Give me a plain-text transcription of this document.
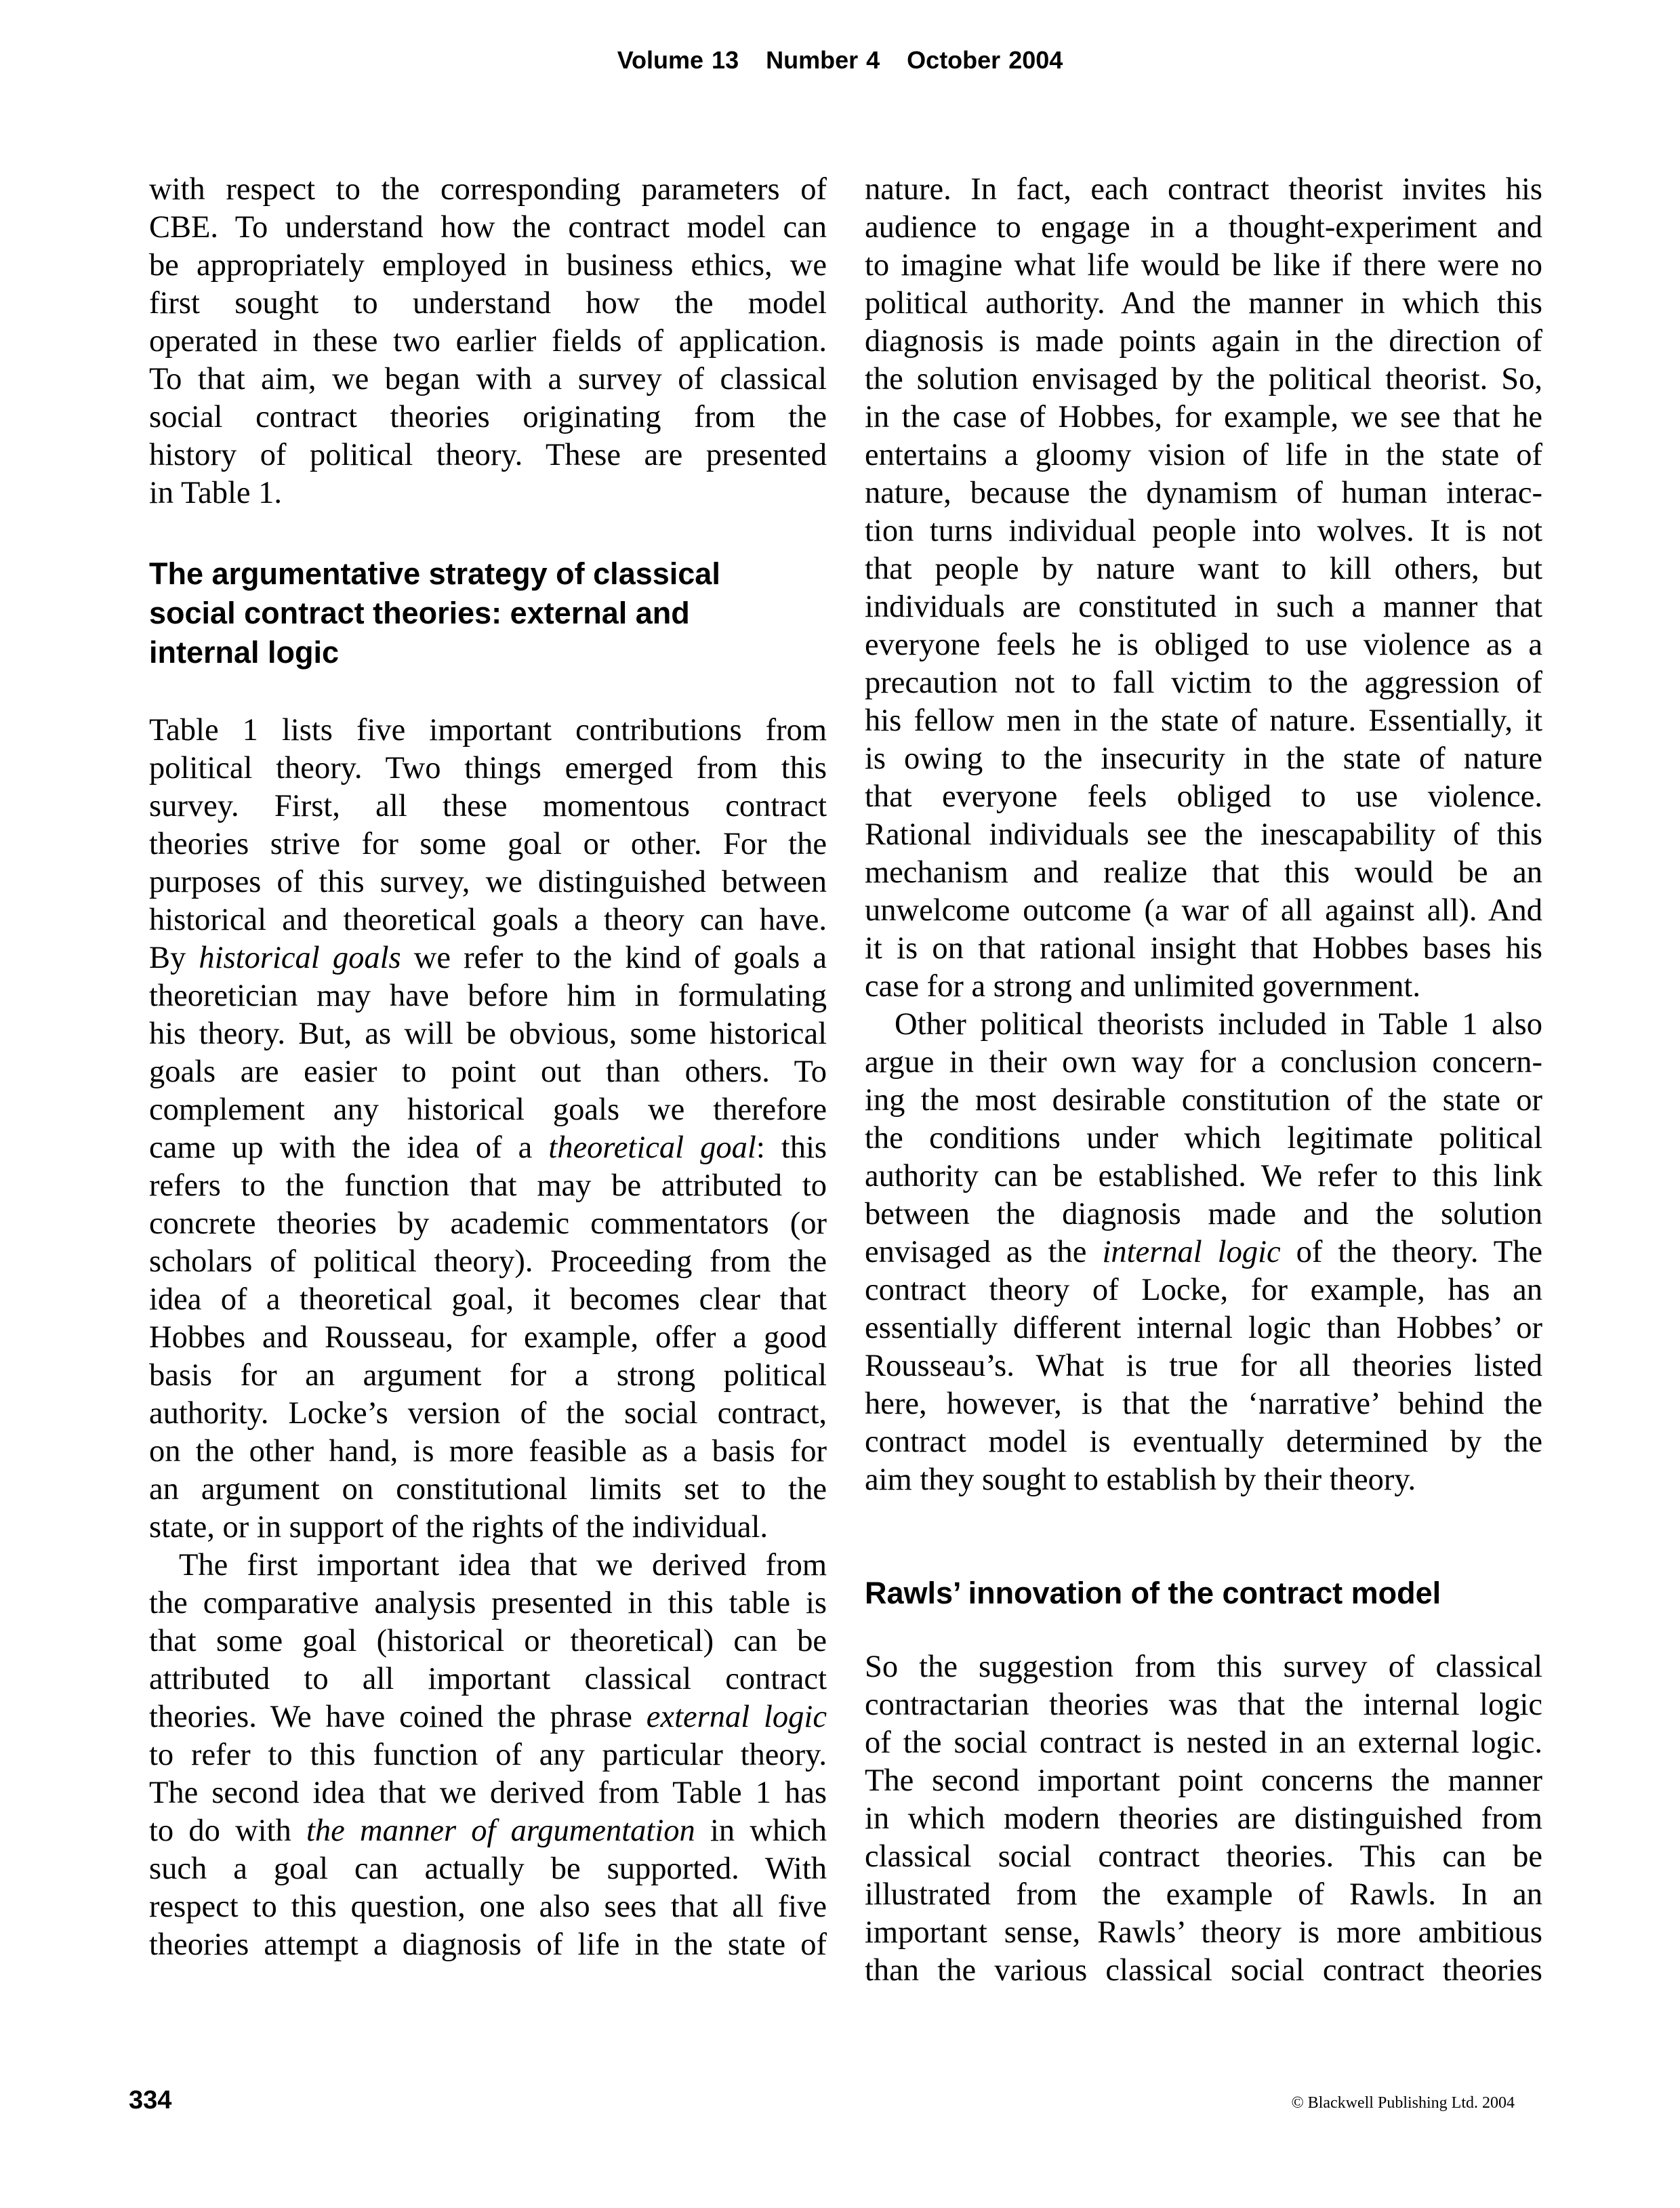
Volume 13 Number 4 October 2004
with respect to the corresponding parameters of
CBE. To understand how the contract model can
be appropriately employed in business ethics, we
first sought to understand how the model
operated in these two earlier fields of application.
To that aim, we began with a survey of classical
social contract theories originating from the
history of political theory. These are presented
in Table 1.
The argumentative strategy of classical
social contract theories: external and
internal logic
Table 1 lists five important contributions from
political theory. Two things emerged from this
survey. First, all these momentous contract
theories strive for some goal or other. For the
purposes of this survey, we distinguished between
historical and theoretical goals a theory can have.
By historical goals we refer to the kind of goals a
theoretician may have before him in formulating
his theory. But, as will be obvious, some historical
goals are easier to point out than others. To
complement any historical goals we therefore
came up with the idea of a theoretical goal: this
refers to the function that may be attributed to
concrete theories by academic commentators (or
scholars of political theory). Proceeding from the
idea of a theoretical goal, it becomes clear that
Hobbes and Rousseau, for example, offer a good
basis for an argument for a strong political
authority. Locke’s version of the social contract,
on the other hand, is more feasible as a basis for
an argument on constitutional limits set to the
state, or in support of the rights of the individual.
The first important idea that we derived from
the comparative analysis presented in this table is
that some goal (historical or theoretical) can be
attributed to all important classical contract
theories. We have coined the phrase external logic
to refer to this function of any particular theory.
The second idea that we derived from Table 1 has
to do with the manner of argumentation in which
such a goal can actually be supported. With
respect to this question, one also sees that all five
theories attempt a diagnosis of life in the state of
nature. In fact, each contract theorist invites his
audience to engage in a thought-experiment and
to imagine what life would be like if there were no
political authority. And the manner in which this
diagnosis is made points again in the direction of
the solution envisaged by the political theorist. So,
in the case of Hobbes, for example, we see that he
entertains a gloomy vision of life in the state of
nature, because the dynamism of human interac-
tion turns individual people into wolves. It is not
that people by nature want to kill others, but
individuals are constituted in such a manner that
everyone feels he is obliged to use violence as a
precaution not to fall victim to the aggression of
his fellow men in the state of nature. Essentially, it
is owing to the insecurity in the state of nature
that everyone feels obliged to use violence.
Rational individuals see the inescapability of this
mechanism and realize that this would be an
unwelcome outcome (a war of all against all). And
it is on that rational insight that Hobbes bases his
case for a strong and unlimited government.
Other political theorists included in Table 1 also
argue in their own way for a conclusion concern-
ing the most desirable constitution of the state or
the conditions under which legitimate political
authority can be established. We refer to this link
between the diagnosis made and the solution
envisaged as the internal logic of the theory. The
contract theory of Locke, for example, has an
essentially different internal logic than Hobbes’ or
Rousseau’s. What is true for all theories listed
here, however, is that the ‘narrative’ behind the
contract model is eventually determined by the
aim they sought to establish by their theory.
Rawls’ innovation of the contract model
So the suggestion from this survey of classical
contractarian theories was that the internal logic
of the social contract is nested in an external logic.
The second important point concerns the manner
in which modern theories are distinguished from
classical social contract theories. This can be
illustrated from the example of Rawls. In an
important sense, Rawls’ theory is more ambitious
than the various classical social contract theories
334	© Blackwell Publishing Ltd. 2004
